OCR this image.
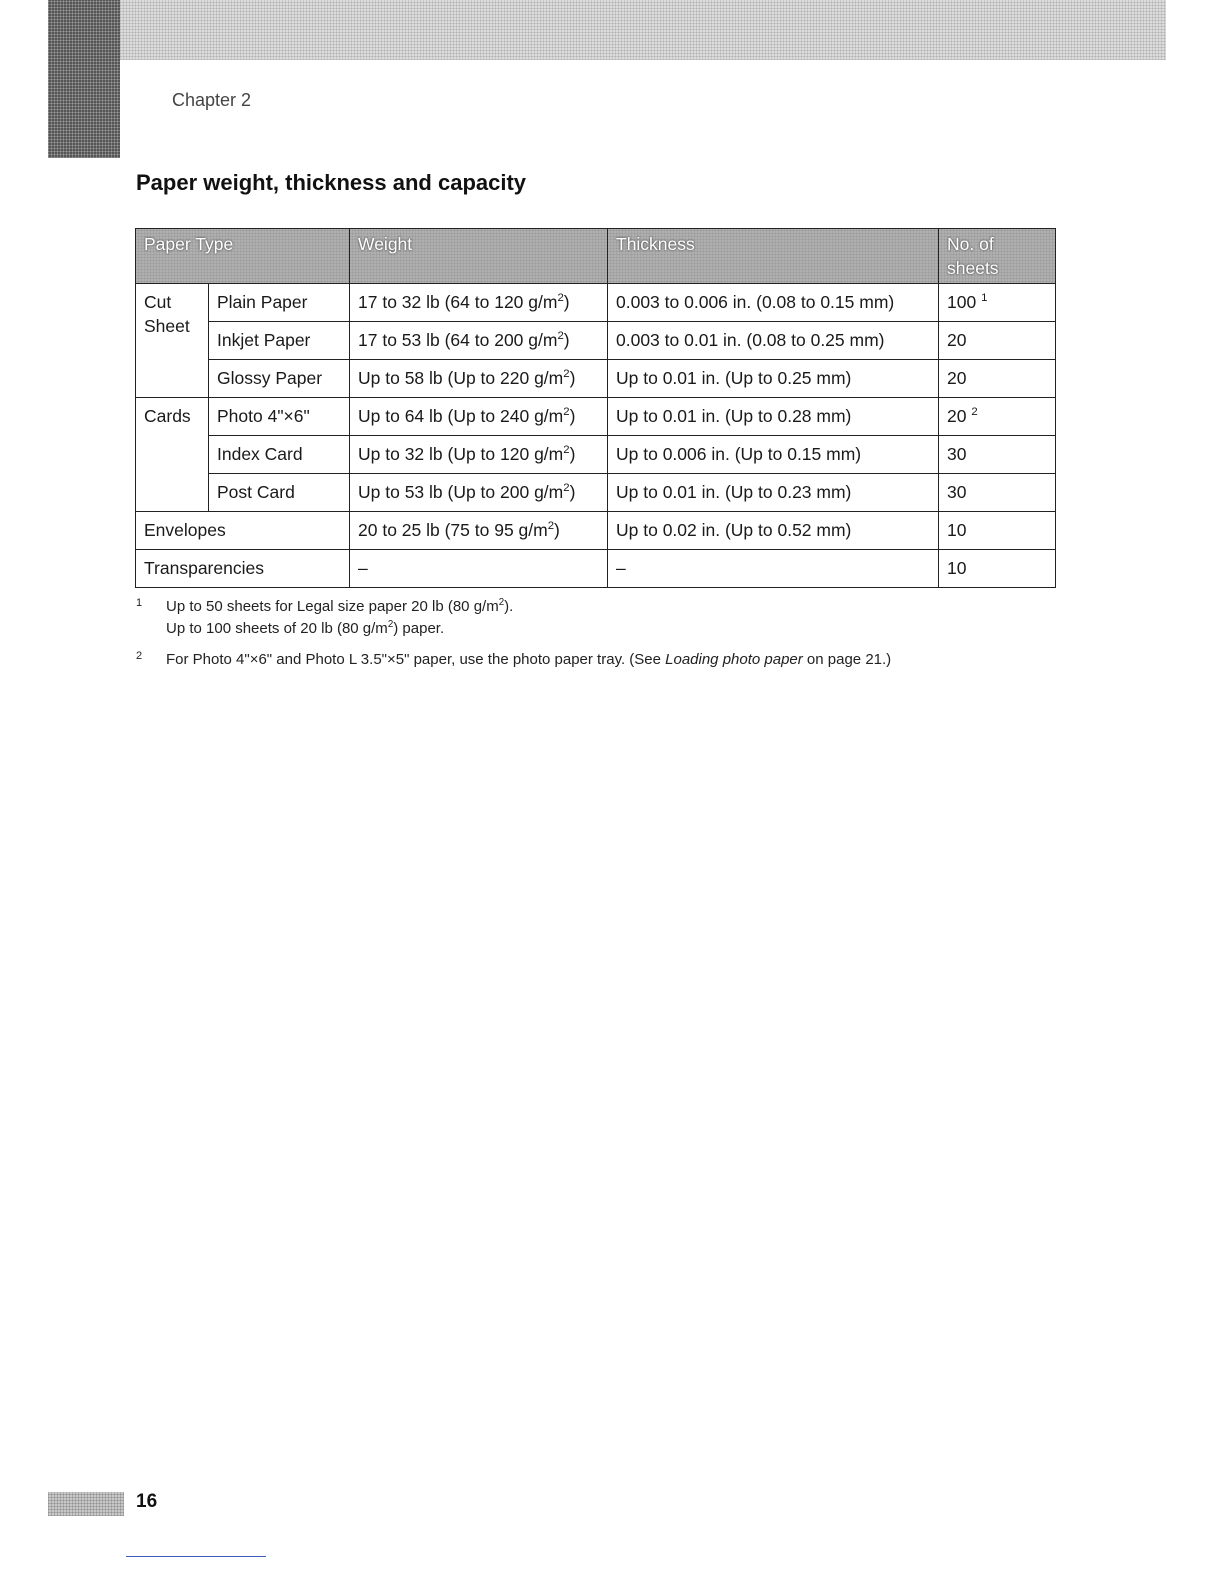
Chapter 2
Paper weight, thickness and capacity
Paper Type		Weight	Thickness	No. of sheets
Cut Sheet	Plain Paper	17 to 32 lb (64 to 120 $g/m^2$)	0.003 to 0.006 in. (0.08 to 0.15 mm)	100 $^1$
	Inkjet Paper	17 to 53 lb (64 to 200 $g/m^2$)	0.003 to 0.01 in. (0.08 to 0.25 mm)	20
	Glossy Paper	Up to 58 lb (Up to 220 $g/m^2$)	Up to 0.01 in. (Up to 0.25 mm)	20
Cards	Photo 4"×6"	Up to 64 lb (Up to 240 $g/m^2$)	Up to 0.01 in. (Up to 0.28 mm)	20 $^2$
	Index Card	Up to 32 lb (Up to 120 $g/m^2$)	Up to 0.006 in. (Up to 0.15 mm)	30
	Post Card	Up to 53 lb (Up to 200 $g/m^2$)	Up to 0.01 in. (Up to 0.23 mm)	30
Envelopes		20 to 25 lb (75 to 95 $g/m^2$)	Up to 0.02 in. (Up to 0.52 mm)	10
Transparencies		–	–	10
1 Up to 50 sheets for Legal size paper 20 lb (80 $g/m^2$).

Up to 100 sheets of 20 lb (80 $g/m^2$) paper.

2 For Photo 4"×6" and Photo L 3.5"×5" paper, use the photo paper tray. (See Loading photo paper on page 21.)

16
